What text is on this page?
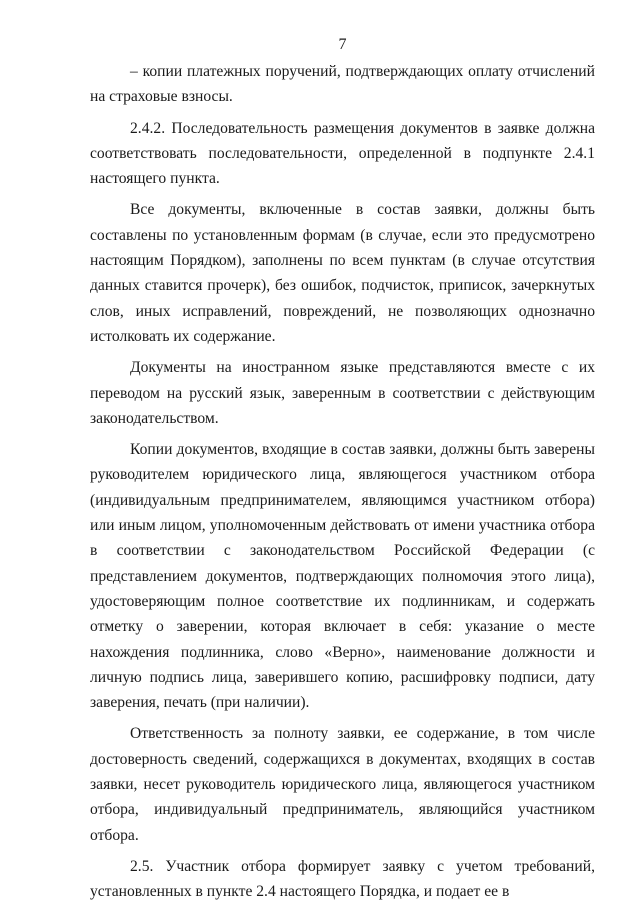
7

– копии платежных поручений, подтверждающих оплату отчислений на страховые взносы.

2.4.2. Последовательность размещения документов в заявке должна соответствовать последовательности, определенной в подпункте 2.4.1 настоящего пункта.

Все документы, включенные в состав заявки, должны быть составлены по установленным формам (в случае, если это предусмотрено настоящим Порядком), заполнены по всем пунктам (в случае отсутствия данных ставится прочерк), без ошибок, подчисток, приписок, зачеркнутых слов, иных исправлений, повреждений, не позволяющих однозначно истолковать их содержание.

Документы на иностранном языке представляются вместе с их переводом на русский язык, заверенным в соответствии с действующим законодательством.

Копии документов, входящие в состав заявки, должны быть заверены руководителем юридического лица, являющегося участником отбора (индивидуальным предпринимателем, являющимся участником отбора) или иным лицом, уполномоченным действовать от имени участника отбора в соответствии с законодательством Российской Федерации (с представлением документов, подтверждающих полномочия этого лица), удостоверяющим полное соответствие их подлинникам, и содержать отметку о заверении, которая включает в себя: указание о месте нахождения подлинника, слово «Верно», наименование должности и личную подпись лица, заверившего копию, расшифровку подписи, дату заверения, печать (при наличии).

Ответственность за полноту заявки, ее содержание, в том числе достоверность сведений, содержащихся в документах, входящих в состав заявки, несет руководитель юридического лица, являющегося участником отбора, индивидуальный предприниматель, являющийся участником отбора.

2.5. Участник отбора формирует заявку с учетом требований, установленных в пункте 2.4 настоящего Порядка, и подает ее в
